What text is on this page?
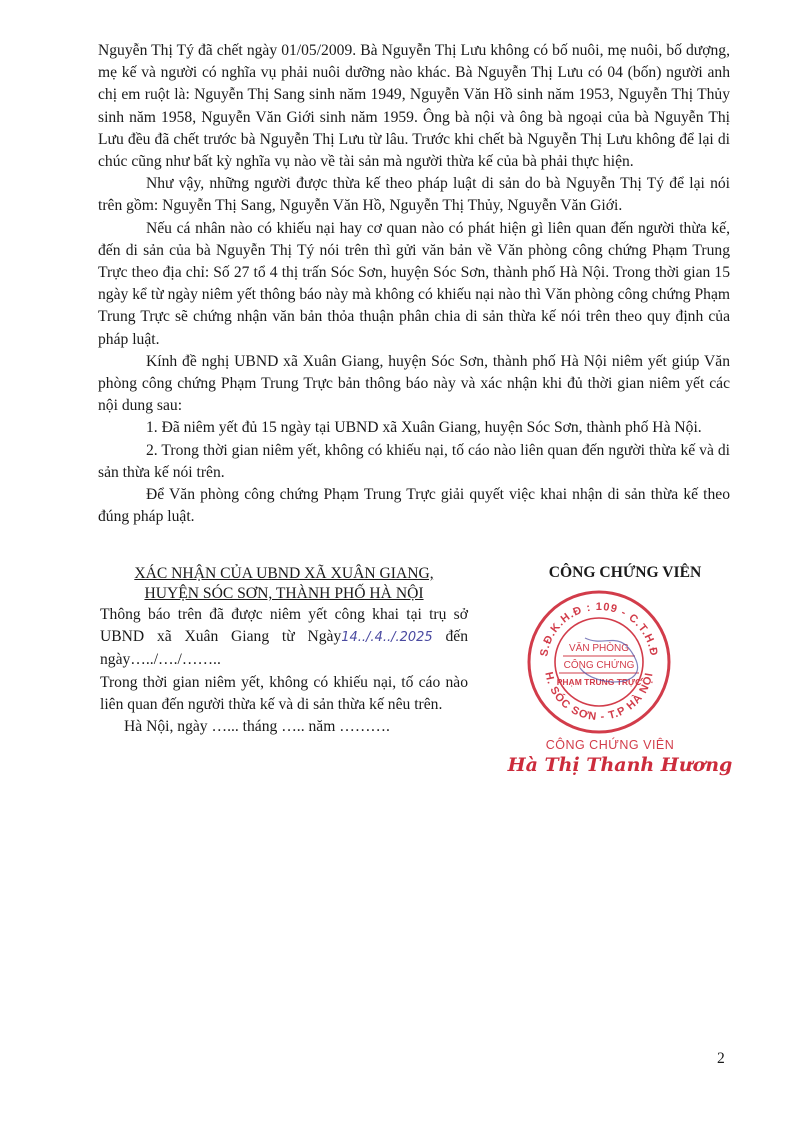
Nguyễn Thị Tý đã chết ngày 01/05/2009. Bà Nguyễn Thị Lưu không có bố nuôi, mẹ nuôi, bố dượng, mẹ kế và người có nghĩa vụ phải nuôi dưỡng nào khác. Bà Nguyễn Thị Lưu có 04 (bốn) người anh chị em ruột là: Nguyễn Thị Sang sinh năm 1949, Nguyễn Văn Hồ sinh năm 1953, Nguyễn Thị Thủy sinh năm 1958, Nguyễn Văn Giới sinh năm 1959. Ông bà nội và ông bà ngoại của bà Nguyễn Thị Lưu đều đã chết trước bà Nguyễn Thị Lưu từ lâu. Trước khi chết bà Nguyễn Thị Lưu không để lại di chúc cũng như bất kỳ nghĩa vụ nào về tài sản mà người thừa kế của bà phải thực hiện.

Như vậy, những người được thừa kế theo pháp luật di sản do bà Nguyễn Thị Tý để lại nói trên gồm: Nguyễn Thị Sang, Nguyễn Văn Hồ, Nguyễn Thị Thủy, Nguyễn Văn Giới.

Nếu cá nhân nào có khiếu nại hay cơ quan nào có phát hiện gì liên quan đến người thừa kế, đến di sản của bà Nguyễn Thị Tý nói trên thì gửi văn bản về Văn phòng công chứng Phạm Trung Trực theo địa chỉ: Số 27 tổ 4 thị trấn Sóc Sơn, huyện Sóc Sơn, thành phố Hà Nội. Trong thời gian 15 ngày kể từ ngày niêm yết thông báo này mà không có khiếu nại nào thì Văn phòng công chứng Phạm Trung Trực sẽ chứng nhận văn bản thỏa thuận phân chia di sản thừa kế nói trên theo quy định của pháp luật.

Kính đề nghị UBND xã Xuân Giang, huyện Sóc Sơn, thành phố Hà Nội niêm yết giúp Văn phòng công chứng Phạm Trung Trực bản thông báo này và xác nhận khi đủ thời gian niêm yết các nội dung sau:

1. Đã niêm yết đủ 15 ngày tại UBND xã Xuân Giang, huyện Sóc Sơn, thành phố Hà Nội.

2. Trong thời gian niêm yết, không có khiếu nại, tố cáo nào liên quan đến người thừa kế và di sản thừa kế nói trên.

Để Văn phòng công chứng Phạm Trung Trực giải quyết việc khai nhận di sản thừa kế theo đúng pháp luật.

XÁC NHẬN CỦA UBND XÃ XUÂN GIANG,

HUYỆN SÓC SƠN, THÀNH PHỐ HÀ NỘI

Thông báo trên đã được niêm yết công khai tại trụ sở UBND xã Xuân Giang từ Ngày14../.4../.2025 đến ngày…../…./……..

Trong thời gian niêm yết, không có khiếu nại, tố cáo nào liên quan đến người thừa kế và di sản thừa kế nêu trên.

Hà Nội, ngày …... tháng ….. năm ……….

CÔNG CHỨNG VIÊN

S.Đ.K.H.Đ : 109 - C.T.H.Đ
H. SÓC SƠN - T.P HÀ NỘI
VĂN PHÒNG
CÔNG CHỨNG
PHẠM TRUNG TRỰC
CÔNG CHỨNG VIÊN
Hà Thị Thanh Hương
2
